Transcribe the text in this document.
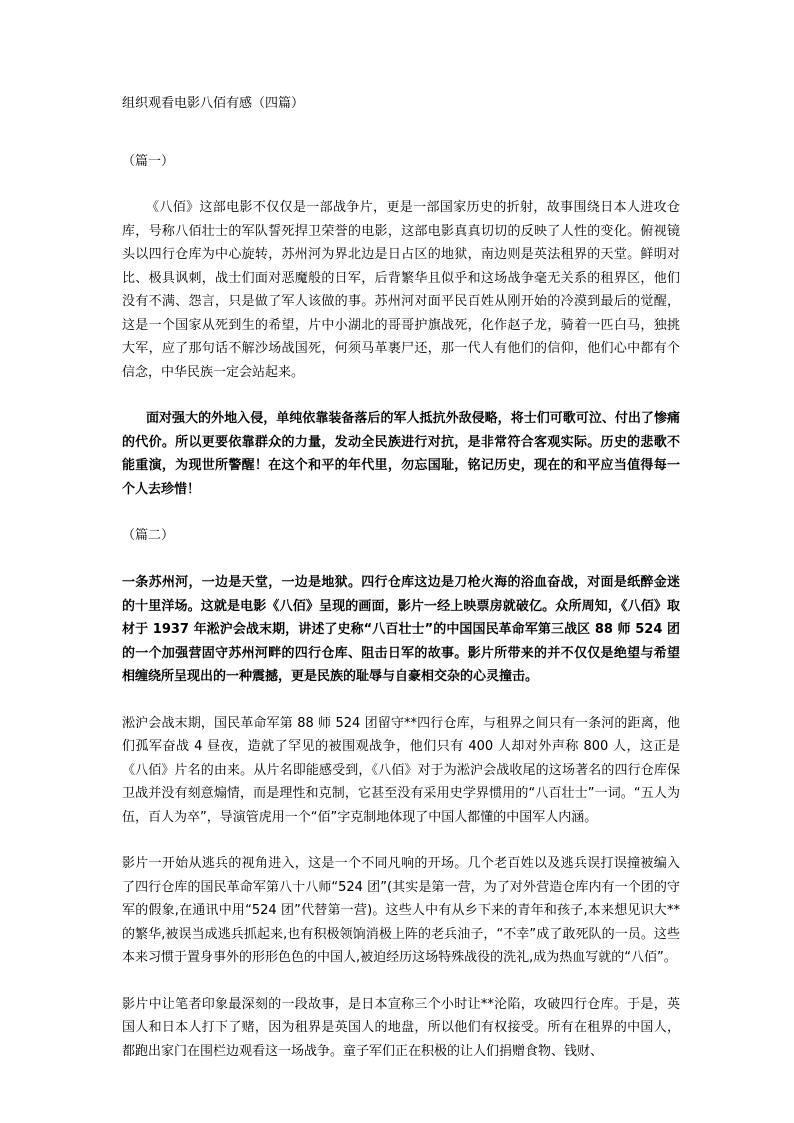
组织观看电影八佰有感（四篇）

（篇一）

《八佰》这部电影不仅仅是一部战争片，更是一部国家历史的折射，故事围绕日本人进攻仓库，号称八佰壮士的军队誓死捍卫荣誉的电影，这部电影真真切切的反映了人性的变化。俯视镜头以四行仓库为中心旋转，苏州河为界北边是日占区的地狱，南边则是英法租界的天堂。鲜明对比、极具讽刺，战士们面对恶魔般的日军，后背繁华且似乎和这场战争毫无关系的租界区，他们没有不满、怨言，只是做了军人该做的事。苏州河对面平民百姓从刚开始的冷漠到最后的觉醒，这是一个国家从死到生的希望，片中小湖北的哥哥护旗战死，化作赵子龙，骑着一匹白马，独挑大军，应了那句话不解沙场战国死，何须马革裹尸还，那一代人有他们的信仰，他们心中都有个信念，中华民族一定会站起来。

面对强大的外地入侵，单纯依靠装备落后的军人抵抗外敌侵略，将士们可歌可泣、付出了惨痛的代价。所以更要依靠群众的力量，发动全民族进行对抗，是非常符合客观实际。历史的悲歌不能重演，为现世所警醒！在这个和平的年代里，勿忘国耻，铭记历史，现在的和平应当值得每一个人去珍惜！

（篇二）

一条苏州河，一边是天堂，一边是地狱。四行仓库这边是刀枪火海的浴血奋战，对面是纸醉金迷的十里洋场。这就是电影《八佰》呈现的画面，影片一经上映票房就破亿。众所周知，《八佰》取材于 1937 年淞沪会战末期，讲述了史称“八百壮士”的中国国民革命军第三战区 88 师 524 团的一个加强营固守苏州河畔的四行仓库、阻击日军的故事。影片所带来的并不仅仅是绝望与希望相缠绕所呈现出的一种震撼，更是民族的耻辱与自豪相交杂的心灵撞击。

淞沪会战末期，国民革命军第 88 师 524 团留守**四行仓库，与租界之间只有一条河的距离，他们孤军奋战 4 昼夜，造就了罕见的被围观战争，他们只有 400 人却对外声称 800 人，这正是《八佰》片名的由来。从片名即能感受到，《八佰》对于为淞沪会战收尾的这场著名的四行仓库保卫战并没有刻意煽情，而是理性和克制，它甚至没有采用史学界惯用的“八百壮士”一词。“五人为伍，百人为卒”，导演管虎用一个“佰”字克制地体现了中国人都懂的中国军人内涵。

影片一开始从逃兵的视角进入，这是一个不同凡响的开场。几个老百姓以及逃兵误打误撞被编入了四行仓库的国民革命军第八十八师“524 团”(其实是第一营，为了对外营造仓库内有一个团的守军的假象,在通讯中用“524 团”代替第一营)。这些人中有从乡下来的青年和孩子,本来想见识大**的繁华,被误当成逃兵抓起来,也有积极领饷消极上阵的老兵油子，“不幸”成了敢死队的一员。这些本来习惯于置身事外的形形色色的中国人,被迫经历这场特殊战役的洗礼,成为热血写就的“八佰”。

影片中让笔者印象最深刻的一段故事，是日本宣称三个小时让**沦陷，攻破四行仓库。于是，英国人和日本人打下了赌，因为租界是英国人的地盘，所以他们有权接受。所有在租界的中国人，都跑出家门在围栏边观看这一场战争。童子军们正在积极的让人们捐赠食物、钱财、
